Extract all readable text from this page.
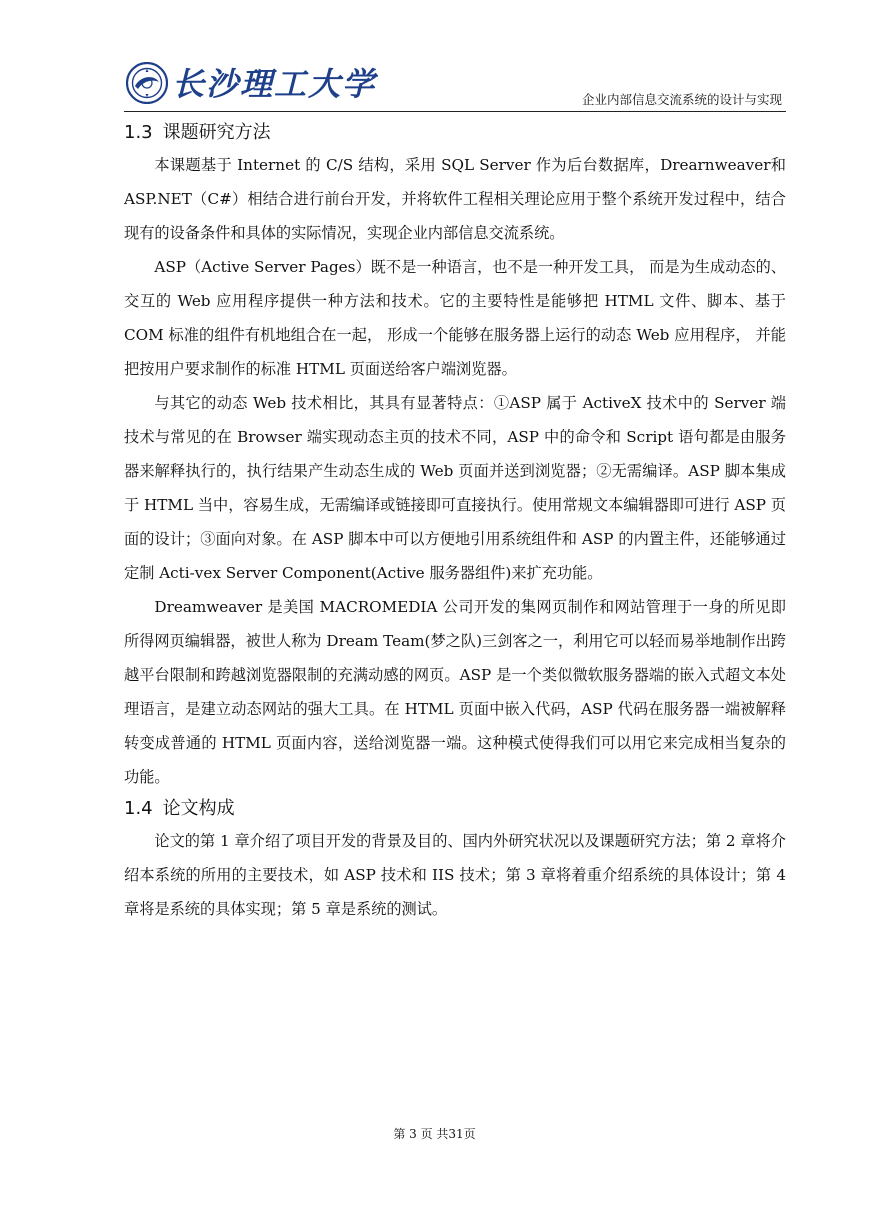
长沙理工大学	企业内部信息交流系统的设计与实现
1.3 课题研究方法

本课题基于 Internet 的 C/S 结构，采用 SQL Server 作为后台数据库，Drearnweaver和 ASP.NET（C#）相结合进行前台开发，并将软件工程相关理论应用于整个系统开发过程中，结合现有的设备条件和具体的实际情况，实现企业内部信息交流系统。

ASP（Active Server Pages）既不是一种语言，也不是一种开发工具， 而是为生成动态的、交互的 Web 应用程序提供一种方法和技术。它的主要特性是能够把 HTML 文件、脚本、基于 COM 标准的组件有机地组合在一起， 形成一个能够在服务器上运行的动态 Web 应用程序， 并能把按用户要求制作的标准 HTML 页面送给客户端浏览器。

与其它的动态 Web 技术相比，其具有显著特点：①ASP 属于 ActiveX 技术中的 Server 端技术与常见的在 Browser 端实现动态主页的技术不同，ASP 中的命令和 Script 语句都是由服务器来解释执行的，执行结果产生动态生成的 Web 页面并送到浏览器；②无需编译。ASP 脚本集成于 HTML 当中，容易生成，无需编译或链接即可直接执行。使用常规文本编辑器即可进行 ASP 页面的设计；③面向对象。在 ASP 脚本中可以方便地引用系统组件和 ASP 的内置主件，还能够通过定制 Acti-vex Server Component(Active 服务器组件)来扩充功能。

Dreamweaver 是美国 MACROMEDIA 公司开发的集网页制作和网站管理于一身的所见即所得网页编辑器，被世人称为 Dream Team(梦之队)三剑客之一，利用它可以轻而易举地制作出跨越平台限制和跨越浏览器限制的充满动感的网页。ASP 是一个类似微软服务器端的嵌入式超文本处理语言，是建立动态网站的强大工具。在 HTML 页面中嵌入代码，ASP 代码在服务器一端被解释转变成普通的 HTML 页面内容，送给浏览器一端。这种模式使得我们可以用它来完成相当复杂的功能。

1.4 论文构成

论文的第 1 章介绍了项目开发的背景及目的、国内外研究状况以及课题研究方法；第 2 章将介绍本系统的所用的主要技术，如 ASP 技术和 IIS 技术；第 3 章将着重介绍系统的具体设计；第 4 章将是系统的具体实现；第 5 章是系统的测试。

第 3 页 共31页
